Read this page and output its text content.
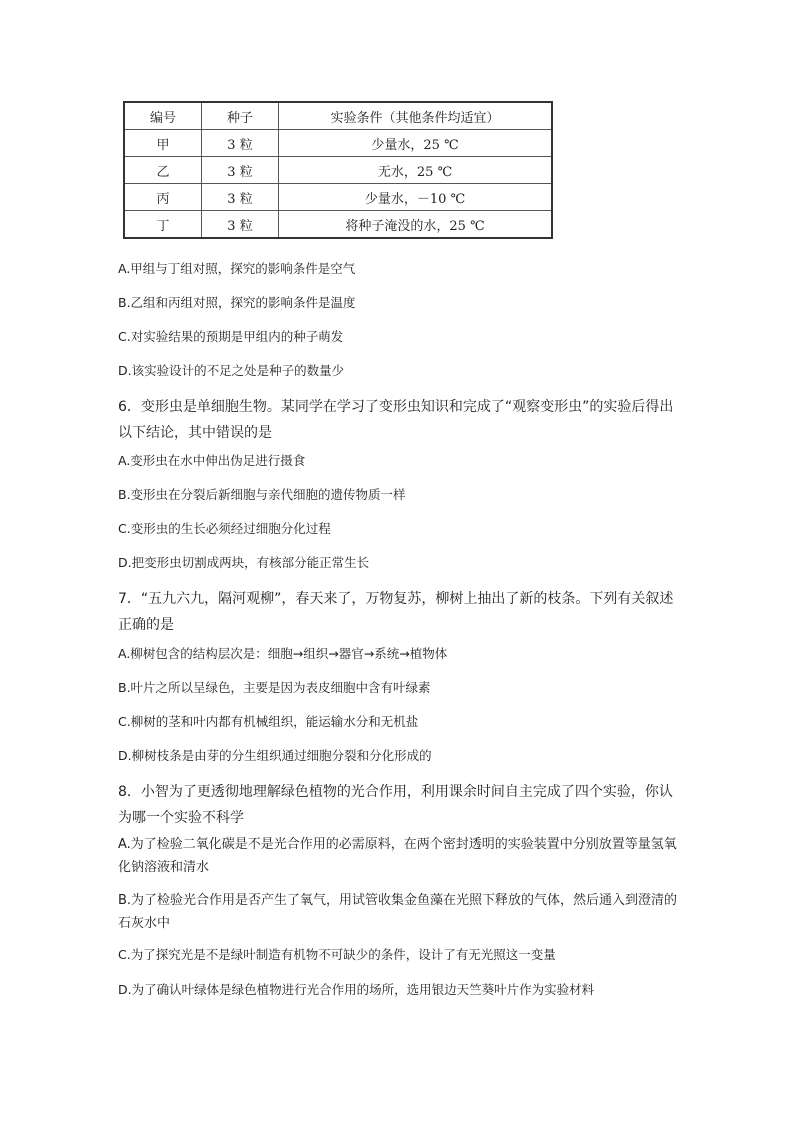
编号	种子	实验条件（其他条件均适宜）
甲	3 粒	少量水，25 ℃
乙	3 粒	无水，25 ℃
丙	3 粒	少量水，－10 ℃
丁	3 粒	将种子淹没的水，25 ℃
A.甲组与丁组对照，探究的影响条件是空气
B.乙组和丙组对照，探究的影响条件是温度
C.对实验结果的预期是甲组内的种子萌发
D.该实验设计的不足之处是种子的数量少
6．变形虫是单细胞生物。某同学在学习了变形虫知识和完成了“观察变形虫”的实验后得出以下结论，其中错误的是
A.变形虫在水中伸出伪足进行摄食
B.变形虫在分裂后新细胞与亲代细胞的遗传物质一样
C.变形虫的生长必须经过细胞分化过程
D.把变形虫切割成两块，有核部分能正常生长
7．“五九六九，隔河观柳”，春天来了，万物复苏，柳树上抽出了新的枝条。下列有关叙述正确的是
A.柳树包含的结构层次是：细胞→组织→器官→系统→植物体
B.叶片之所以呈绿色，主要是因为表皮细胞中含有叶绿素
C.柳树的茎和叶内都有机械组织，能运输水分和无机盐
D.柳树枝条是由芽的分生组织通过细胞分裂和分化形成的
8．小智为了更透彻地理解绿色植物的光合作用，利用课余时间自主完成了四个实验，你认为哪一个实验不科学
A.为了检验二氧化碳是不是光合作用的必需原料，在两个密封透明的实验装置中分别放置等量氢氧化钠溶液和清水
B.为了检验光合作用是否产生了氧气，用试管收集金鱼藻在光照下释放的气体，然后通入到澄清的石灰水中
C.为了探究光是不是绿叶制造有机物不可缺少的条件，设计了有无光照这一变量
D.为了确认叶绿体是绿色植物进行光合作用的场所，选用银边天竺葵叶片作为实验材料
